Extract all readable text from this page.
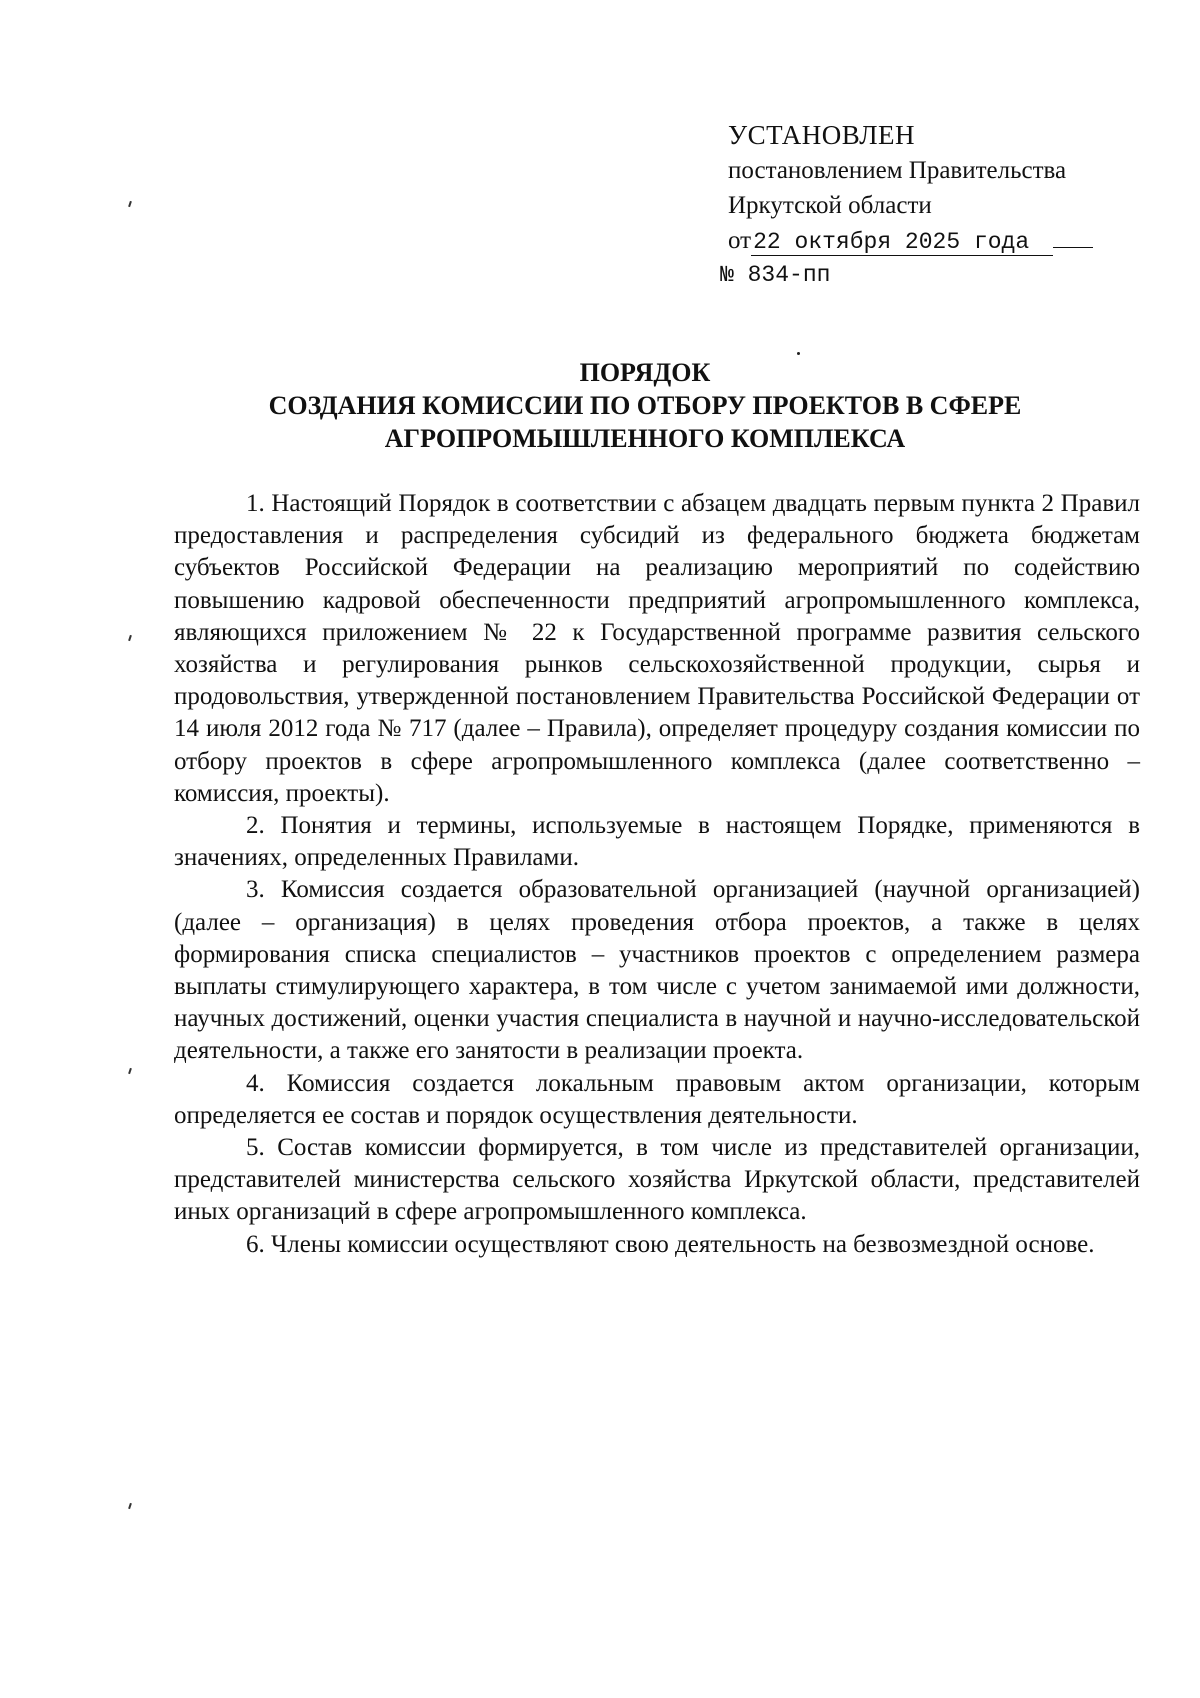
УСТАНОВЛЕН
постановлением Правительства
Иркутской области
от22 октября 2025 года
№ 834-пп
ПОРЯДОК
СОЗДАНИЯ КОМИССИИ ПО ОТБОРУ ПРОЕКТОВ В СФЕРЕ
АГРОПРОМЫШЛЕННОГО КОМПЛЕКСА

1. Настоящий Порядок в соответствии с абзацем двадцать первым пункта 2 Правил предоставления и распределения субсидий из федерального бюджета бюджетам субъектов Российской Федерации на реализацию мероприятий по содействию повышению кадровой обеспеченности предприятий агропромышленного комплекса, являющихся приложением № 22 к Государственной программе развития сельского хозяйства и регулирования рынков сельскохозяйственной продукции, сырья и продовольствия, утвержденной постановлением Правительства Российской Федерации от 14 июля 2012 года № 717 (далее – Правила), определяет процедуру создания комиссии по отбору проектов в сфере агропромышленного комплекса (далее соответственно – комиссия, проекты).

2. Понятия и термины, используемые в настоящем Порядке, применяются в значениях, определенных Правилами.

3. Комиссия создается образовательной организацией (научной организацией) (далее – организация) в целях проведения отбора проектов, а также в целях формирования списка специалистов – участников проектов с определением размера выплаты стимулирующего характера, в том числе с учетом занимаемой ими должности, научных достижений, оценки участия специалиста в научной и научно-исследовательской деятельности, а также его занятости в реализации проекта.

4. Комиссия создается локальным правовым актом организации, которым определяется ее состав и порядок осуществления деятельности.

5. Состав комиссии формируется, в том числе из представителей организации, представителей министерства сельского хозяйства Иркутской области, представителей иных организаций в сфере агропромышленного комплекса.

6. Члены комиссии осуществляют свою деятельность на безвозмездной основе.
